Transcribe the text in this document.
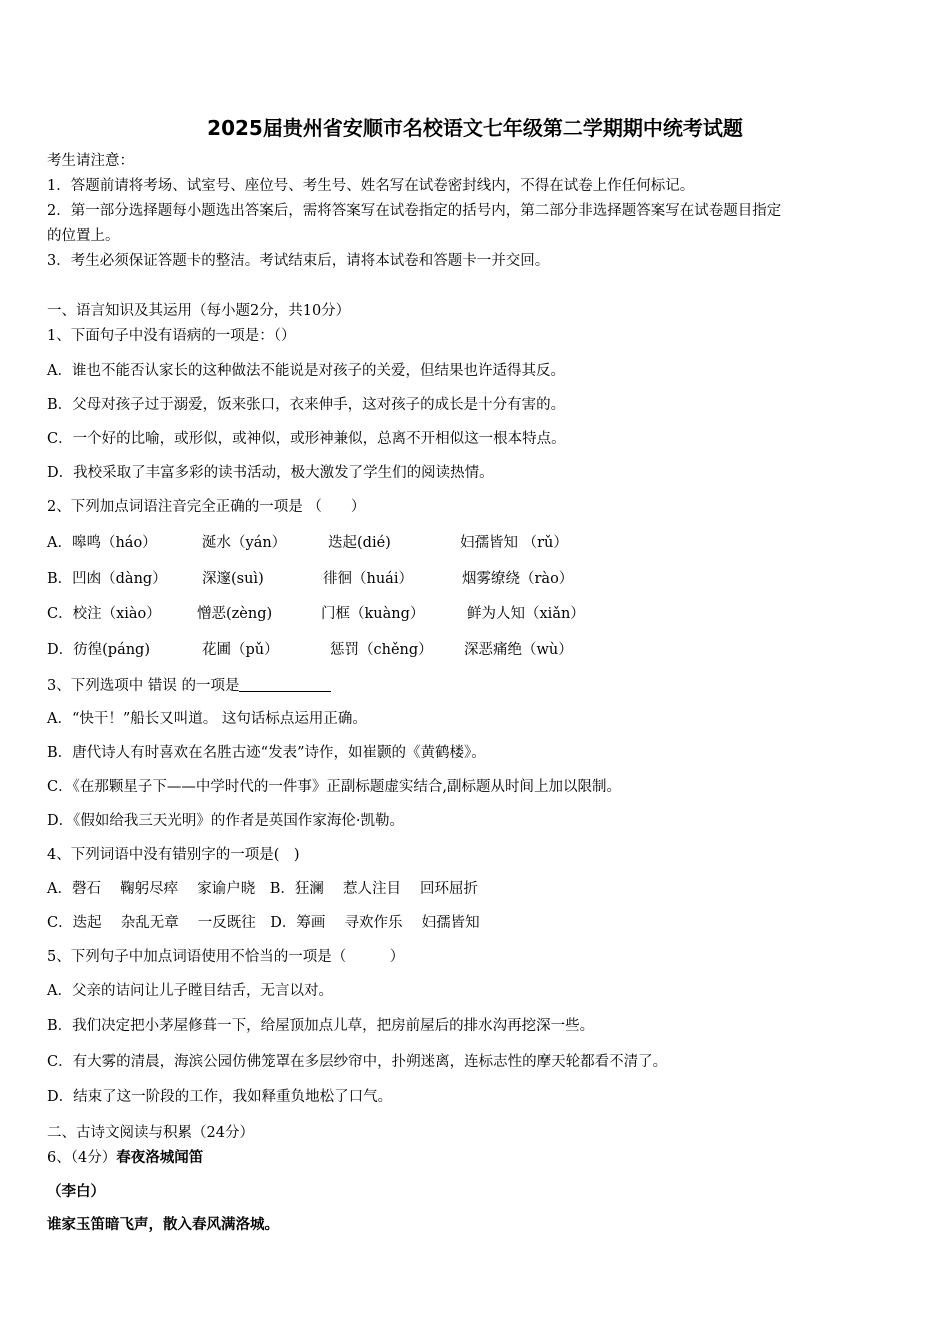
2025届贵州省安顺市名校语文七年级第二学期期中统考试题
考生请注意：
1．答题前请将考场、试室号、座位号、考生号、姓名写在试卷密封线内，不得在试卷上作任何标记。
2．第一部分选择题每小题选出答案后，需将答案写在试卷指定的括号内，第二部分非选择题答案写在试卷题目指定
的位置上。
3．考生必须保证答题卡的整洁。考试结束后，请将本试卷和答题卡一并交回。
一、语言知识及其运用（每小题2分，共10分）
1、下面句子中没有语病的一项是：（）
A．谁也不能否认家长的这种做法不能说是对孩子的关爱，但结果也许适得其反。
B．父母对孩子过于溺爱，饭来张口，衣来伸手，这对孩子的成长是十分有害的。
C．一个好的比喻，或形似，或神似，或形神兼似，总离不开相似这一根本特点。
D．我校采取了丰富多彩的读书活动，极大激发了学生们的阅读热情。
2、下列加点词语注音完全正确的一项是 （　　）
A．嗥鸣（háo）	涎水（yán）	迭起(dié)	妇孺皆知 （rǔ）
B．凹凼（dàng） 深邃(suì)	徘徊（huái）	烟雾缭绕（rào）
C．校注（xiào） 憎恶(zèng)	门框（kuàng）	鲜为人知（xiǎn）
D．彷徨(páng)	花圃（pǔ）	惩罚（chěng） 深恶痛绝（wù）
3、下列选项中 错误 的一项是
A．“快干！”船长又叫道。 这句话标点运用正确。
B．唐代诗人有时喜欢在名胜古迹“发表”诗作，如崔颢的《黄鹤楼》。
C．《在那颗星子下——中学时代的一件事》正副标题虚实结合,副标题从时间上加以限制。
D．《假如给我三天光明》的作者是英国作家海伦·凯勒。
4、下列词语中没有错别字的一项是(　)
A．磬石　 鞠躬尽瘁　 家谕户晓　B．狂澜　 惹人注目　 回环屈折
C．迭起　 杂乱无章　 一反既往　D．筹画　 寻欢作乐　 妇孺皆知
5、下列句子中加点词语使用不恰当的一项是（　　　）
A．父亲的诘问让儿子瞠目结舌，无言以对。
B．我们决定把小茅屋修葺一下，给屋顶加点儿草，把房前屋后的排水沟再挖深一些。
C．有大雾的清晨，海滨公园仿佛笼罩在多层纱帘中，扑朔迷离，连标志性的摩天轮都看不清了。
D．结束了这一阶段的工作，我如释重负地松了口气。
二、古诗文阅读与积累（24分）
6、（4分）春夜洛城闻笛
（李白）
谁家玉笛暗飞声，散入春风满洛城。
